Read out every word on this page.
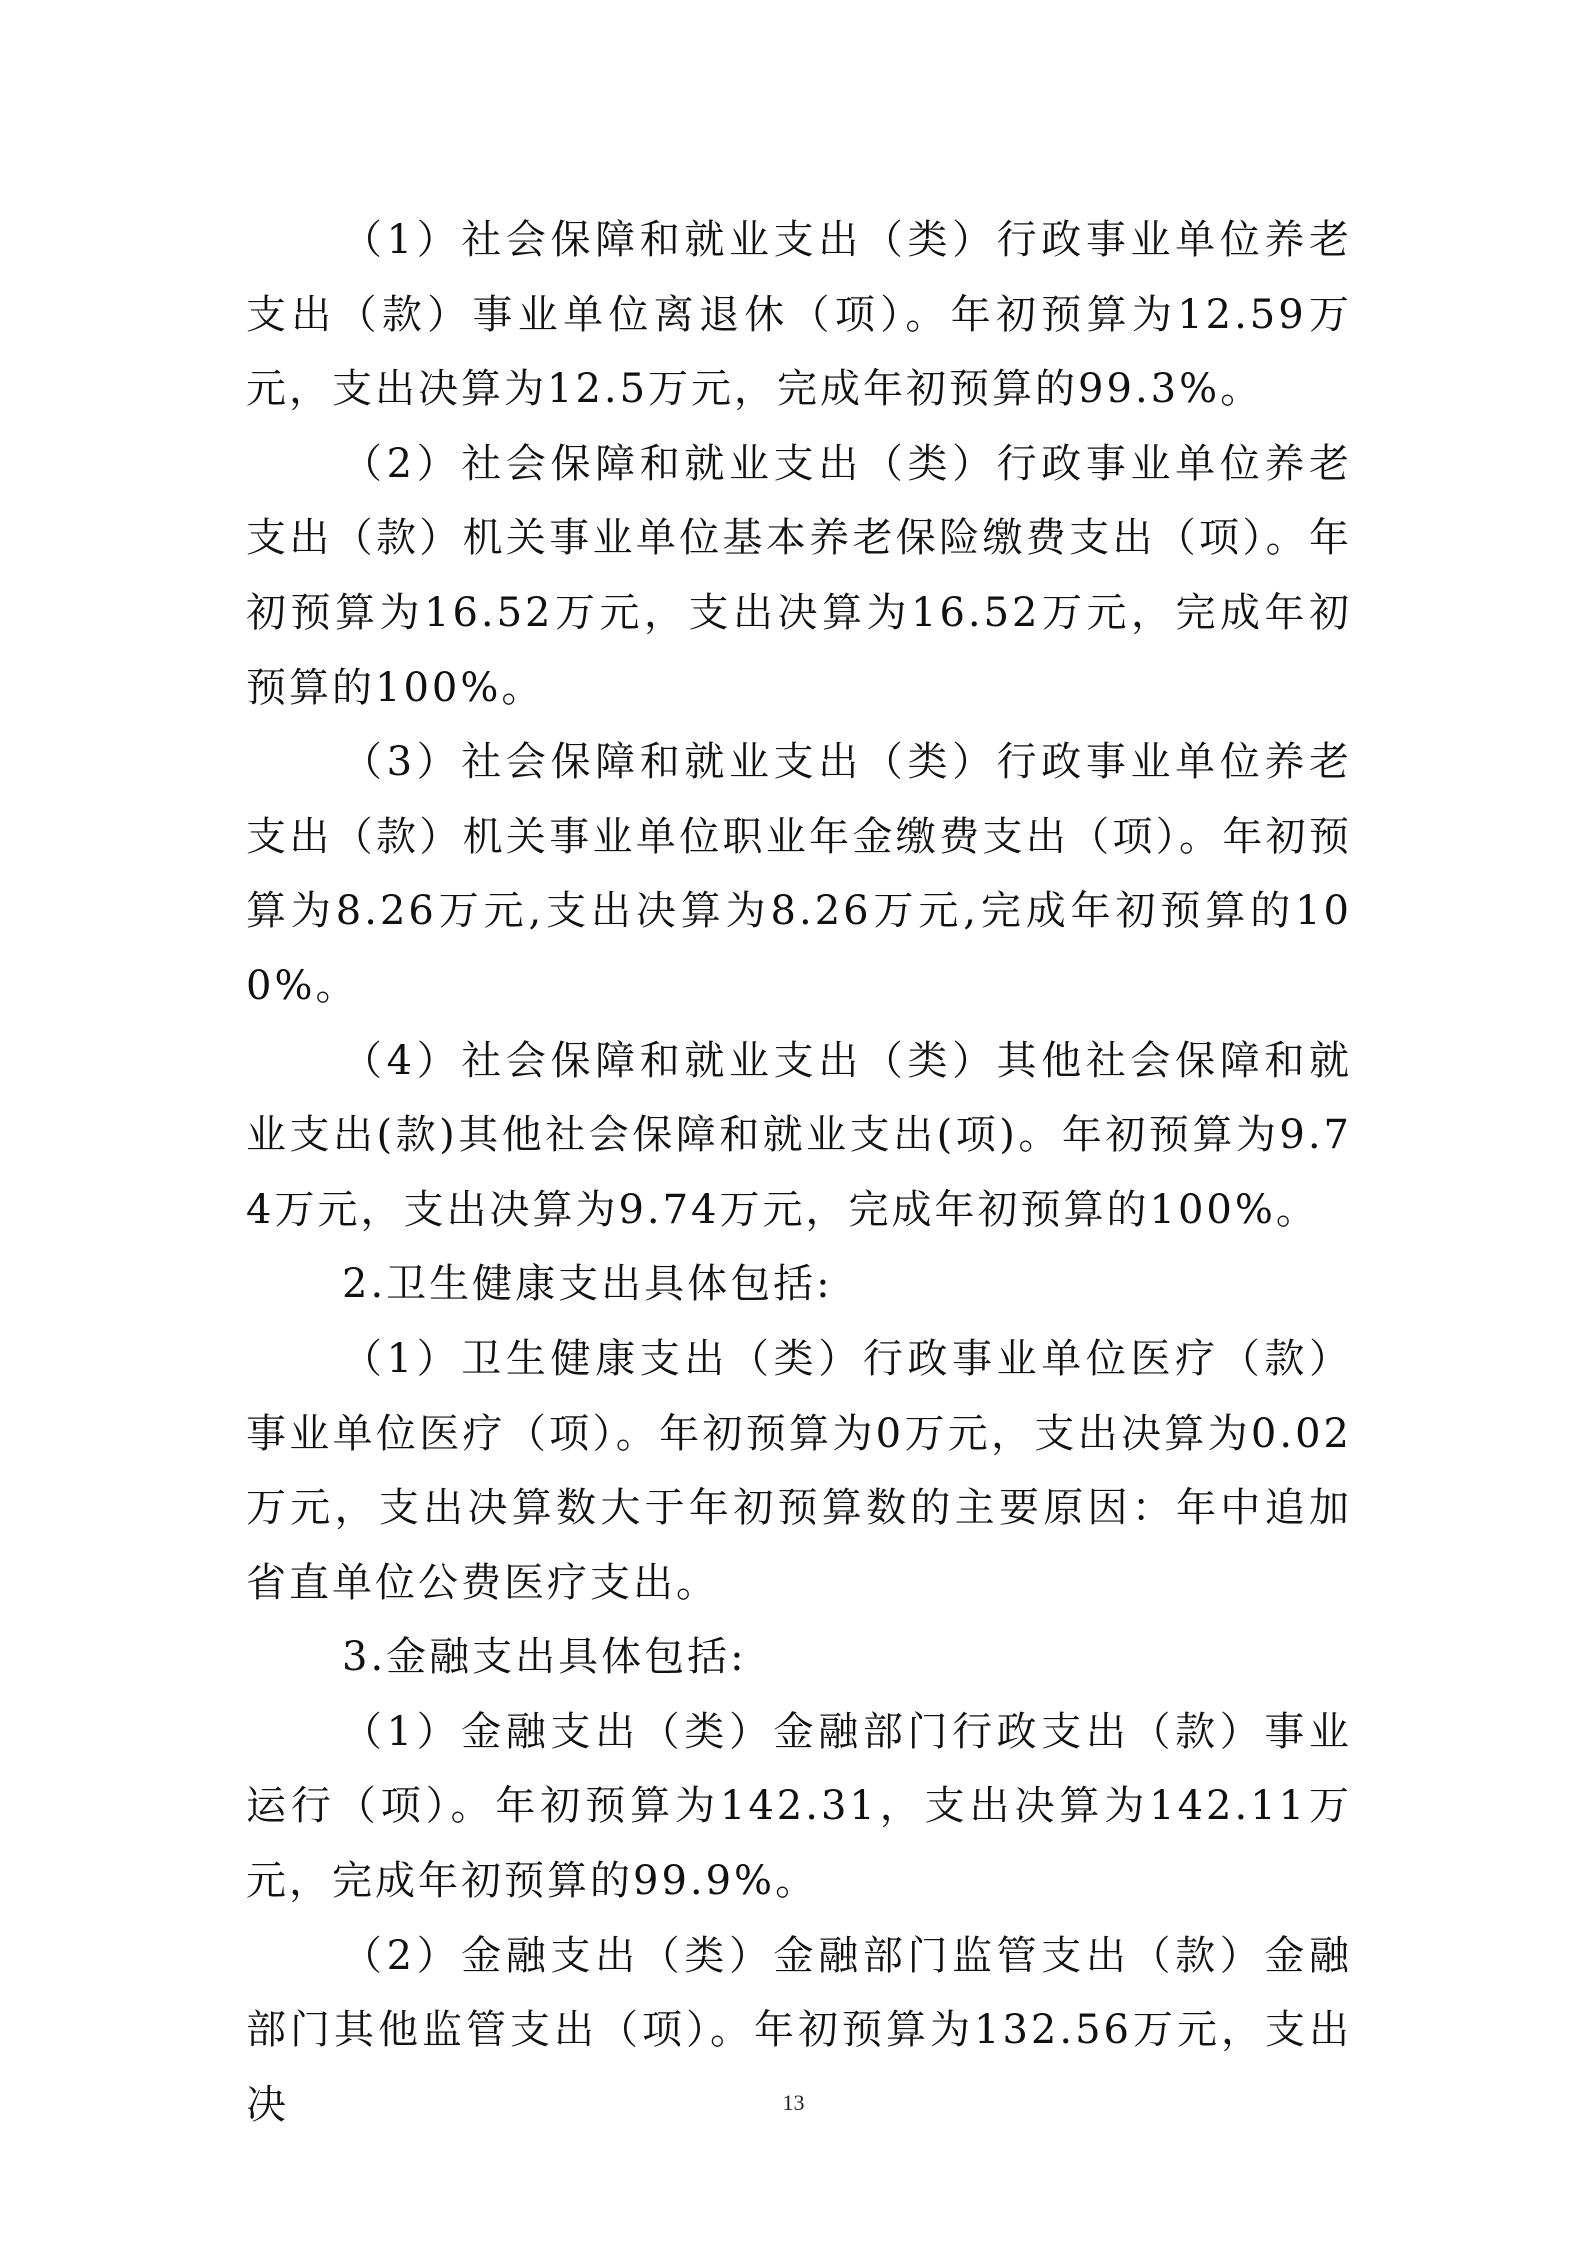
（1）社会保障和就业支出（类）行政事业单位养老支出（款）事业单位离退休（项）。年初预算为12.59万元，支出决算为12.5万元，完成年初预算的99.3%。

（2）社会保障和就业支出（类）行政事业单位养老支出（款）机关事业单位基本养老保险缴费支出（项）。年初预算为16.52万元，支出决算为16.52万元，完成年初预算的100%。

（3）社会保障和就业支出（类）行政事业单位养老支出（款）机关事业单位职业年金缴费支出（项）。年初预算为8.26万元,支出决算为8.26万元,完成年初预算的100%。

（4）社会保障和就业支出（类）其他社会保障和就业支出(款)其他社会保障和就业支出(项)。年初预算为9.74万元，支出决算为9.74万元，完成年初预算的100%。

2.卫生健康支出具体包括:

（1）卫生健康支出（类）行政事业单位医疗（款）事业单位医疗（项）。年初预算为0万元，支出决算为0.02万元，支出决算数大于年初预算数的主要原因：年中追加省直单位公费医疗支出。

3.金融支出具体包括:

（1）金融支出（类）金融部门行政支出（款）事业运行（项）。年初预算为142.31，支出决算为142.11万元，完成年初预算的99.9%。

（2）金融支出（类）金融部门监管支出（款）金融部门其他监管支出（项）。年初预算为132.56万元，支出决	13
